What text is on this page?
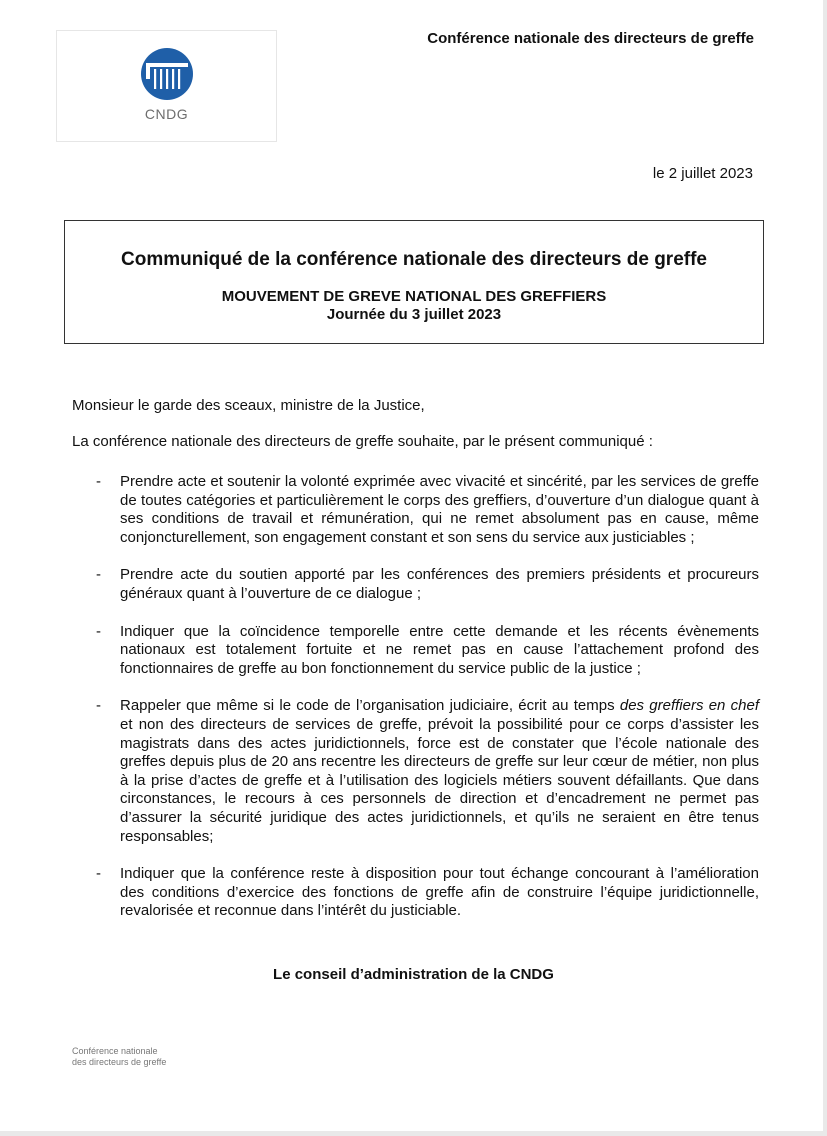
CNDG
Conférence nationale des directeurs de greffe
le 2 juillet 2023
Communiqué de la conférence nationale des directeurs de greffe
MOUVEMENT DE GREVE NATIONAL DES GREFFIERS
Journée du 3 juillet 2023
Monsieur le garde des sceaux, ministre de la Justice,
La conférence nationale des directeurs de greffe souhaite, par le présent communiqué :
- Prendre acte et soutenir la volonté exprimée avec vivacité et sincérité, par les services de greffe de toutes catégories et particulièrement le corps des greffiers, d’ouverture d’un dialogue quant à ses conditions de travail et rémunération, qui ne remet absolument pas en cause, même conjoncturellement, son engagement constant et son sens du service aux justiciables ;
- Prendre acte du soutien apporté par les conférences des premiers présidents et procureurs généraux quant à l’ouverture de ce dialogue ;
- Indiquer que la coïncidence temporelle entre cette demande et les récents évènements nationaux est totalement fortuite et ne remet pas en cause l’attachement profond des fonctionnaires de greffe au bon fonctionnement du service public de la justice ;
- Rappeler que même si le code de l’organisation judiciaire, écrit au temps des greffiers en chef et non des directeurs de services de greffe, prévoit la possibilité pour ce corps d’assister les magistrats dans des actes juridictionnels, force est de constater que l’école nationale des greffes depuis plus de 20 ans recentre les directeurs de greffe sur leur cœur de métier, non plus à la prise d’actes de greffe et à l’utilisation des logiciels métiers souvent défaillants. Que dans circonstances, le recours à ces personnels de direction et d’encadrement ne permet pas d’assurer la sécurité juridique des actes juridictionnels, et qu’ils ne seraient en être tenus responsables;
- Indiquer que la conférence reste à disposition pour tout échange concourant à l’amélioration des conditions d’exercice des fonctions de greffe afin de construire l’équipe juridictionnelle, revalorisée et reconnue dans l’intérêt du justiciable.
Le conseil d’administration de la CNDG
Conférence nationale
des directeurs de greffe
